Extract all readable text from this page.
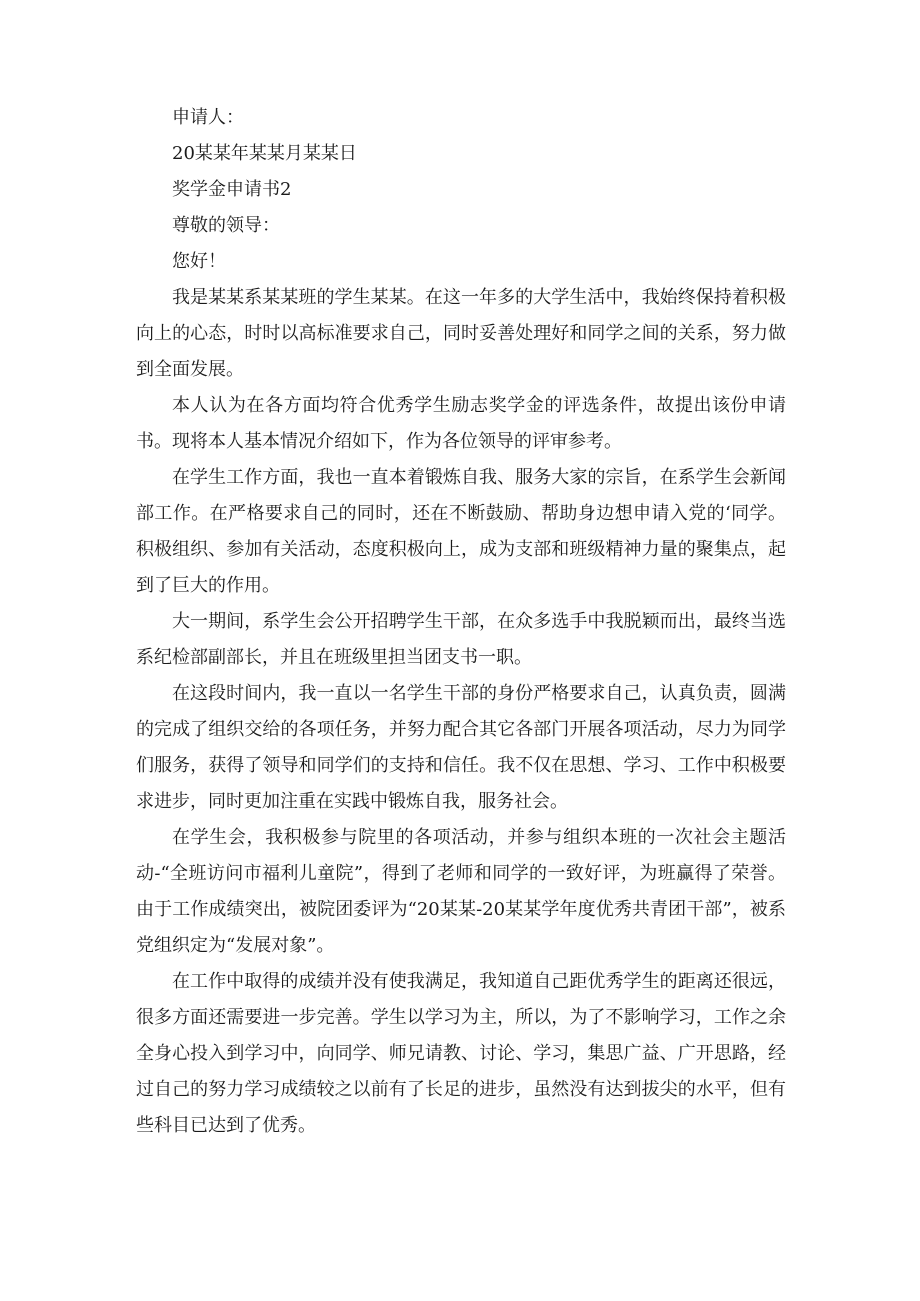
申请人：

20某某年某某月某某日

奖学金申请书2

尊敬的领导：

您好！

我是某某系某某班的学生某某。在这一年多的大学生活中，我始终保持着积极向上的心态，时时以高标准要求自己，同时妥善处理好和同学之间的关系，努力做到全面发展。

本人认为在各方面均符合优秀学生励志奖学金的评选条件，故提出该份申请书。现将本人基本情况介绍如下，作为各位领导的评审参考。

在学生工作方面，我也一直本着锻炼自我、服务大家的宗旨，在系学生会新闻部工作。在严格要求自己的同时，还在不断鼓励、帮助身边想申请入党的‘同学。积极组织、参加有关活动，态度积极向上，成为支部和班级精神力量的聚集点，起到了巨大的作用。

大一期间，系学生会公开招聘学生干部，在众多选手中我脱颖而出，最终当选系纪检部副部长，并且在班级里担当团支书一职。

在这段时间内，我一直以一名学生干部的身份严格要求自己，认真负责，圆满的完成了组织交给的各项任务，并努力配合其它各部门开展各项活动，尽力为同学们服务，获得了领导和同学们的支持和信任。我不仅在思想、学习、工作中积极要求进步，同时更加注重在实践中锻炼自我，服务社会。

在学生会，我积极参与院里的各项活动，并参与组织本班的一次社会主题活动-“全班访问市福利儿童院”，得到了老师和同学的一致好评，为班赢得了荣誉。由于工作成绩突出，被院团委评为“20某某-20某某学年度优秀共青团干部”，被系党组织定为“发展对象”。

在工作中取得的成绩并没有使我满足，我知道自己距优秀学生的距离还很远，很多方面还需要进一步完善。学生以学习为主，所以，为了不影响学习，工作之余全身心投入到学习中，向同学、师兄请教、讨论、学习，集思广益、广开思路，经过自己的努力学习成绩较之以前有了长足的进步，虽然没有达到拔尖的水平，但有些科目已达到了优秀。
